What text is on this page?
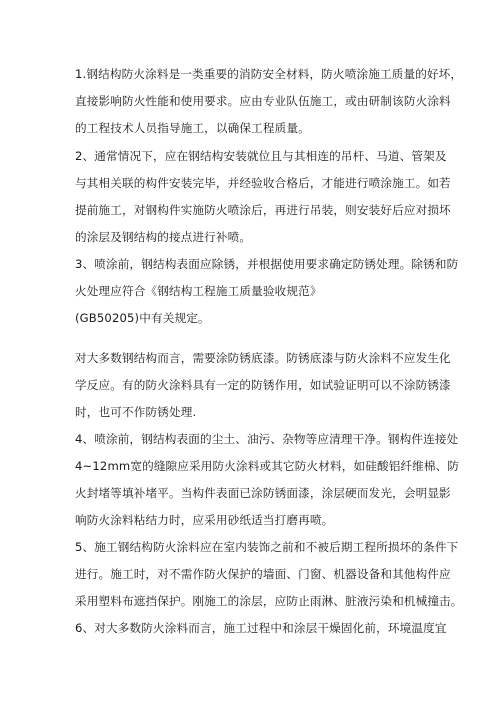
1.钢结构防火涂料是一类重要的消防安全材料，防火喷涂施工质量的好坏，
直接影响防火性能和使用要求。应由专业队伍施工，或由研制该防火涂料
的工程技术人员指导施工，以确保工程质量。
2、通常情况下，应在钢结构安装就位且与其相连的吊杆、马道、管架及
与其相关联的构件安装完毕，并经验收合格后，才能进行喷涂施工。如若
提前施工，对钢构件实施防火喷涂后，再进行吊装，则安装好后应对损坏
的涂层及钢结构的接点进行补喷。
3、喷涂前，钢结构表面应除锈，并根据使用要求确定防锈处理。除锈和防
火处理应符合《钢结构工程施工质量验收规范》
(GB50205)中有关规定。
对大多数钢结构而言，需要涂防锈底漆。防锈底漆与防火涂料不应发生化
学反应。有的防火涂料具有一定的防锈作用，如试验证明可以不涂防锈漆
时，也可不作防锈处理.
4、喷涂前，钢结构表面的尘土、油污、杂物等应清理干净。钢构件连接处
4~12mm宽的缝隙应采用防火涂料或其它防火材料，如硅酸铝纤维棉、防
火封堵等填补堵平。当构件表面已涂防锈面漆，涂层硬而发光，会明显影
响防火涂料粘结力时，应采用砂纸适当打磨再喷。
5、施工钢结构防火涂料应在室内装饰之前和不被后期工程所损坏的条件下
进行。施工时，对不需作防火保护的墙面、门窗、机器设备和其他构件应
采用塑料布遮挡保护。刚施工的涂层，应防止雨淋、脏液污染和机械撞击。
6、对大多数防火涂料而言，施工过程中和涂层干燥固化前，环境温度宜
